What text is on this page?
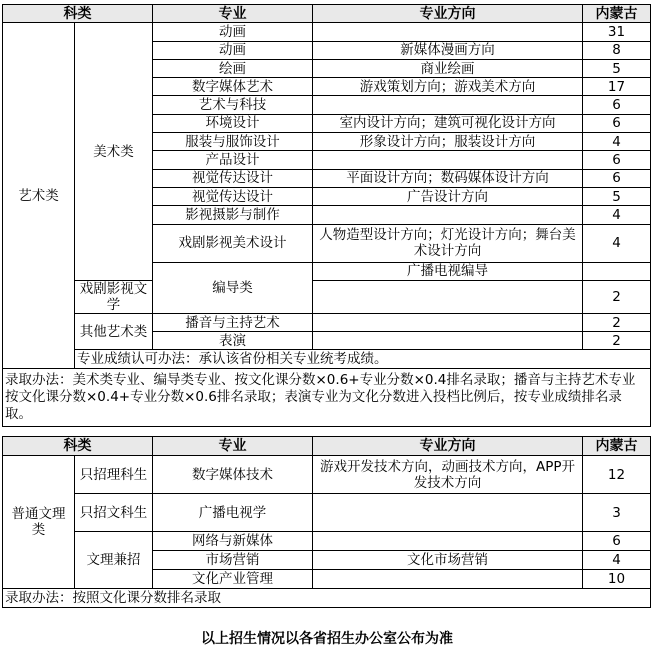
科类		专业	专业方向	内蒙古	
艺术类	美术类	动画		31	
		动画	新媒体漫画方向	8	
		绘画	商业绘画	5	
		数字媒体艺术	游戏策划方向；游戏美术方向	17	
		艺术与科技		6	
		环境设计	室内设计方向；建筑可视化设计方向	6	
		服装与服饰设计	形象设计方向；服装设计方向	4	
		产品设计		6	
		视觉传达设计	平面设计方向；数码媒体设计方向	6	
		视觉传达设计	广告设计方向	5	
		影视摄影与制作		4	
		戏剧影视美术设计	人物造型设计方向；灯光设计方向；舞台美术设计方向	4	
		编导类	广播电视编导		
	戏剧影视文学			2	
	其他艺术类	播音与主持艺术		2	
		表演		2	
	专业成绩认可办法：承认该省份相关专业统考成绩。				
录取办法：美术类专业、编导类专业、按文化课分数×0.6+专业分数×0.4排名录取；播音与主持艺术专业按文化课分数×0.4+专业分数×0.6排名录取；表演专业为文化分数进入投档比例后，按专业成绩排名录取。					
科类		专业	专业方向	内蒙古
普通文理类	只招理科生	数字媒体技术	游戏开发技术方向，动画技术方向，APP开发技术方向	12
	只招文科生	广播电视学		3
	文理兼招	网络与新媒体		6
		市场营销	文化市场营销	4
		文化产业管理		10
录取办法：按照文化课分数排名录取				
以上招生情况以各省招生办公室公布为准
